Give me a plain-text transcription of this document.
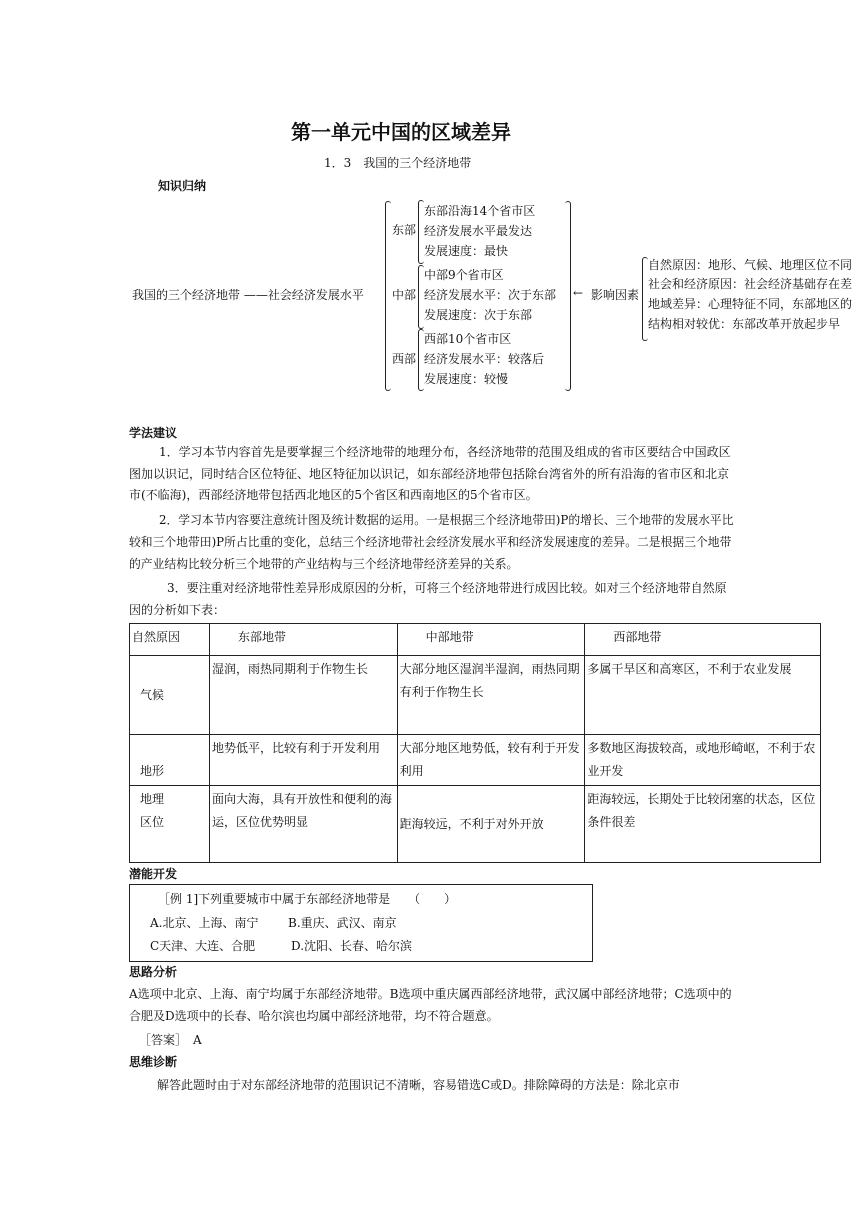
第一单元中国的区域差异
1．3　我国的三个经济地带
知识归纳
我国的三个经济地带 ——社会经济发展水平
东部
东部沿海14个省市区
经济发展水平最发达
发展速度：最快
中部
中部9个省市区
经济发展水平：次于东部
发展速度：次于东部
西部
西部10个省市区
经济发展水平：较落后
发展速度：较慢
← 影响因素
自然原因：地形、气候、地理区位不同
社会和经济原因：社会经济基础存在差
地域差异：心理特征不同，东部地区的
结构相对较优：东部改革开放起步早
学法建议
1．学习本节内容首先是要掌握三个经济地带的地理分布，各经济地带的范围及组成的省市区要结合中国政区图加以识记，同时结合区位特征、地区特征加以识记，如东部经济地带包括除台湾省外的所有沿海的省市区和北京市(不临海)，西部经济地带包括西北地区的5个省区和西南地区的5个省市区。
2．学习本节内容要注意统计图及统计数据的运用。一是根据三个经济地带田)P的增长、三个地带的发展水平比较和三个地带田)P所占比重的变化，总结三个经济地带社会经济发展水平和经济发展速度的差异。二是根据三个地带的产业结构比较分析三个地带的产业结构与三个经济地带经济差异的关系。
3．要注重对经济地带性差异形成原因的分析，可将三个经济地带进行成因比较。如对三个经济地带自然原因的分析如下表：
自然原因	东部地带	中部地带	西部地带
气候	湿润，雨热同期利于作物生长	大部分地区湿润半湿润，雨热同期有利于作物生长	多属干旱区和高寒区，不利于农业发展
地形	地势低平，比较有利于开发利用	大部分地区地势低，较有利于开发利用	多数地区海拔较高，或地形崎岖，不利于农业开发
地理区位	面向大海，具有开放性和便利的海运，区位优势明显	距海较远，不利于对外开放	距海较远，长期处于比较闭塞的状态，区位条件很差
潜能开发
［例 1]下列重要城市中属于东部经济地带是　　（　　）
A.北京、上海、南宁 B.重庆、武汉、南京
C天津、大连、合肥	D.沈阳、长春、哈尔滨
思路分析
A选项中北京、上海、南宁均属于东部经济地带。B选项中重庆属西部经济地带，武汉属中部经济地带；C选项中的合肥及D选项中的长春、哈尔滨也均属中部经济地带，均不符合题意。
［答案］　A
思维诊断
解答此题时由于对东部经济地带的范围识记不清晰，容易错选C或D。排除障碍的方法是：除北京市
